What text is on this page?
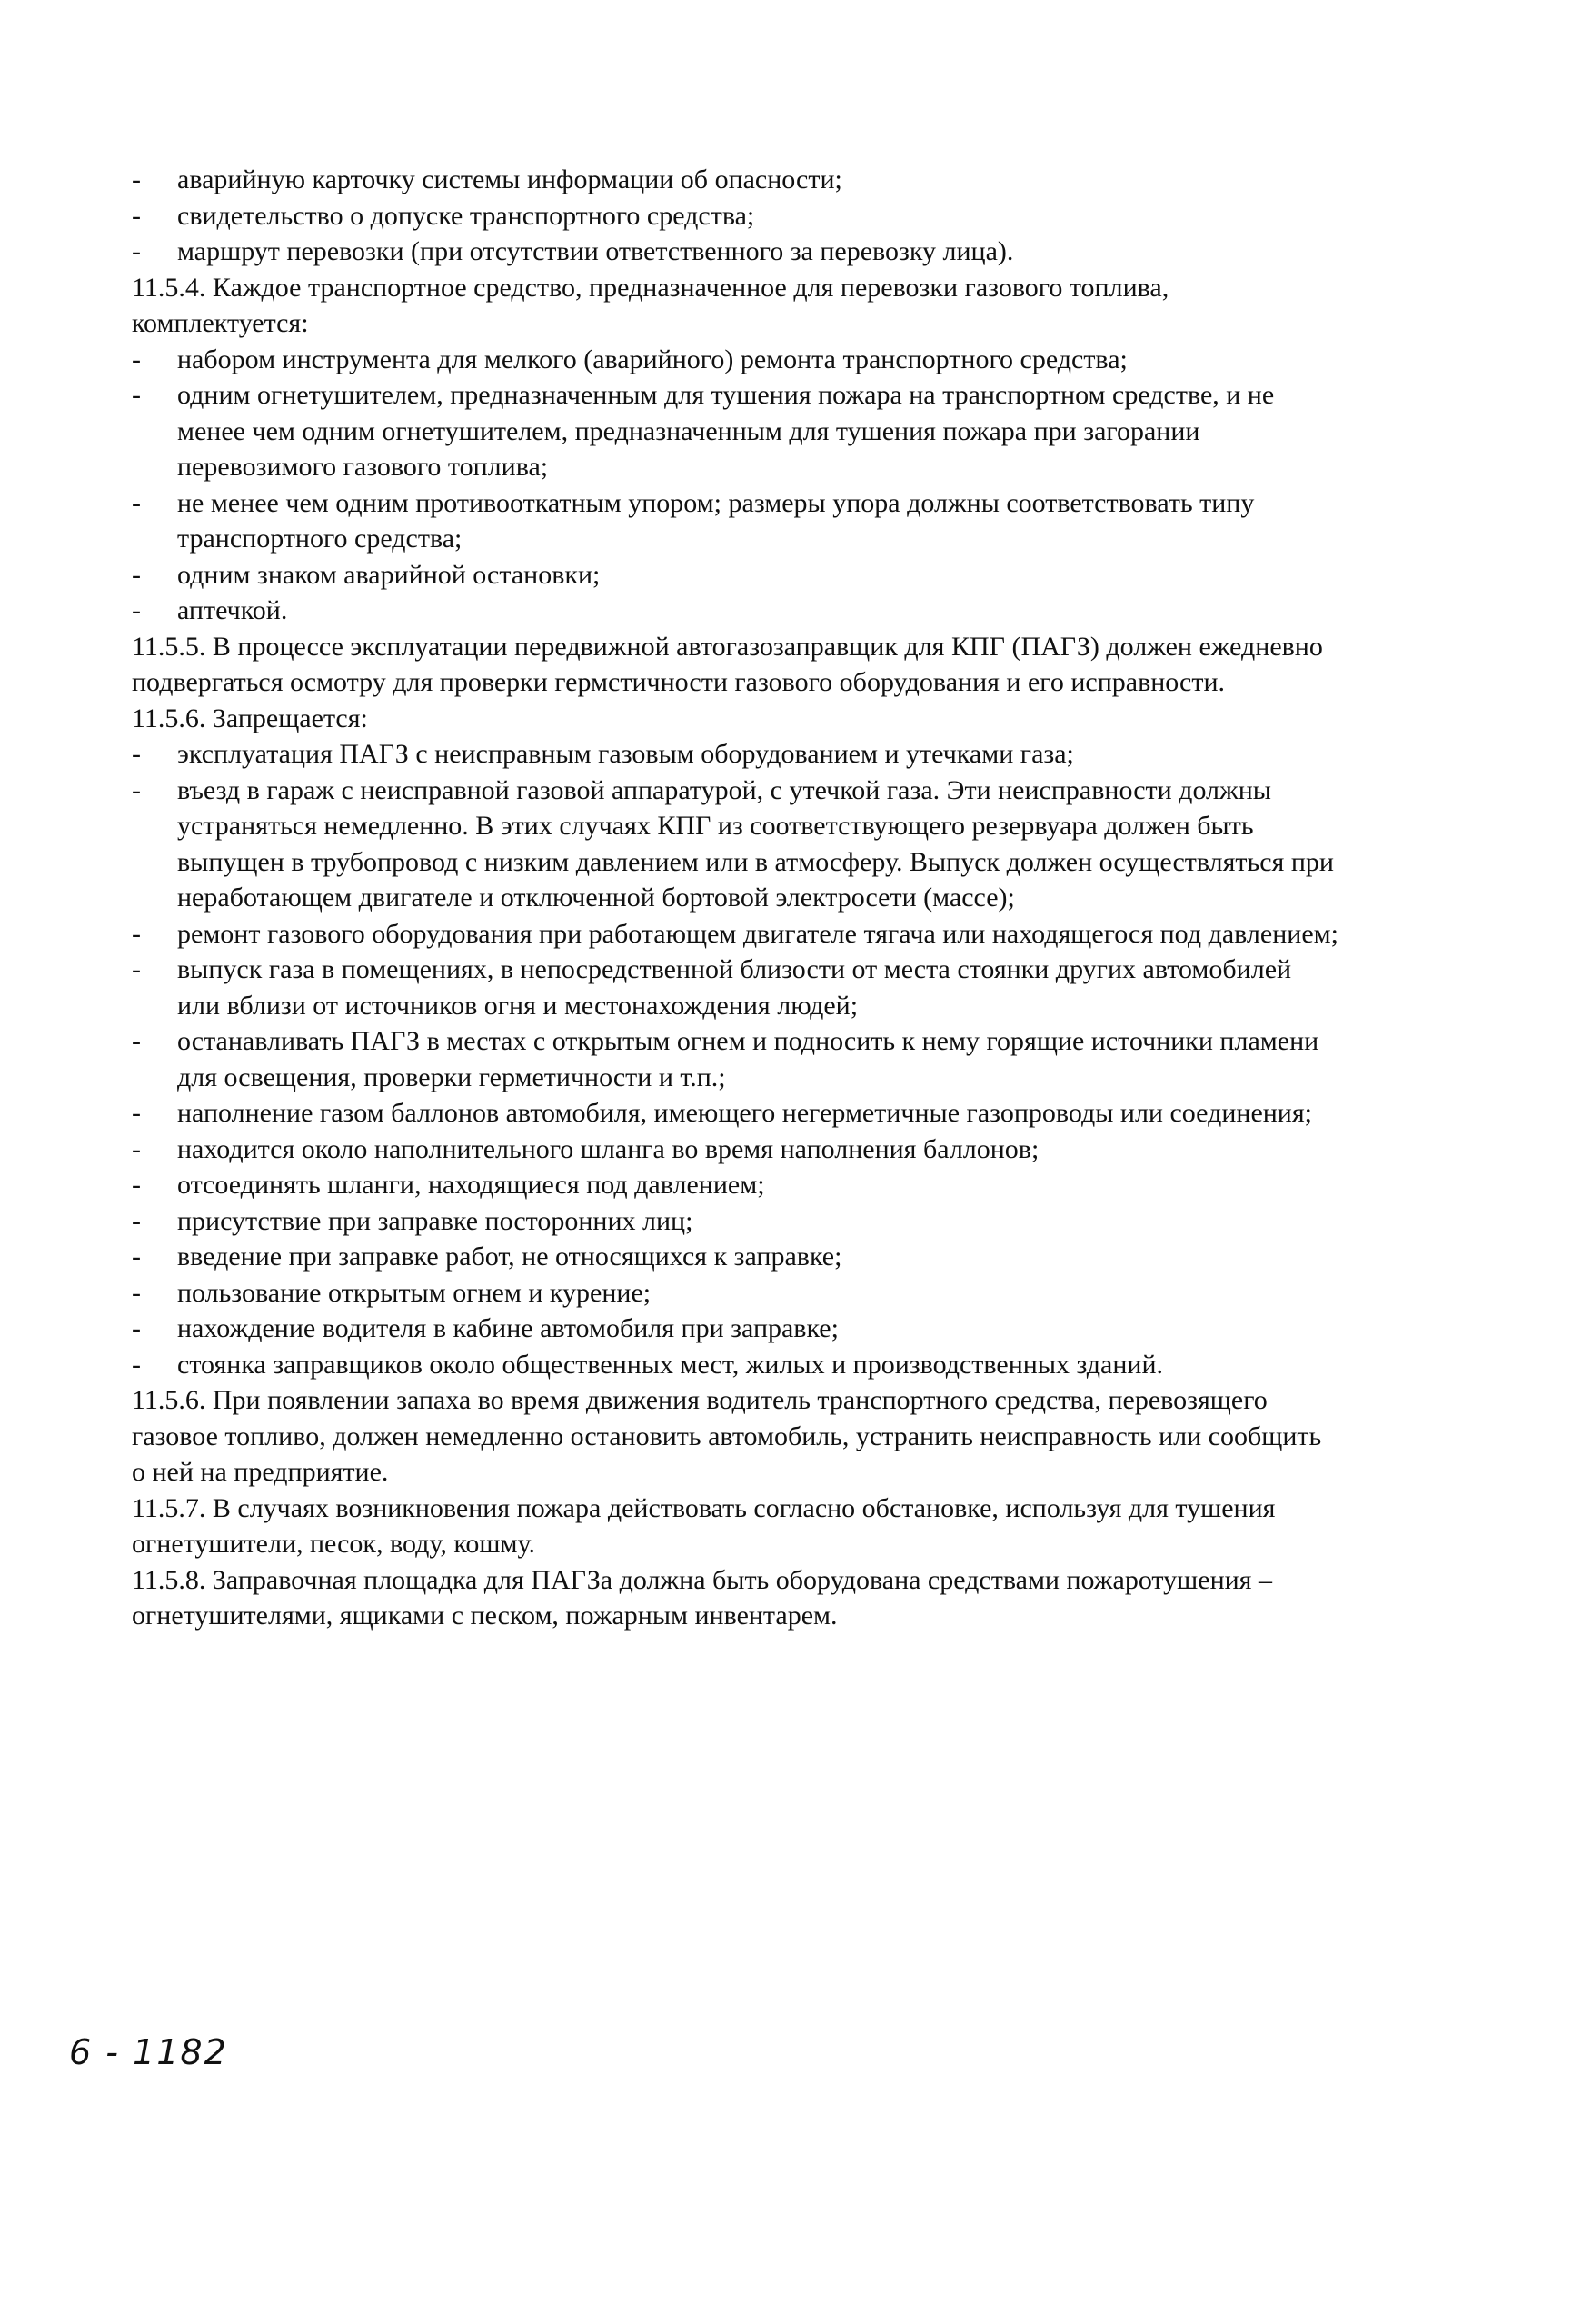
-	аварийную карточку системы информации об опасности;
-	свидетельство о допуске транспортного средства;
-	маршрут перевозки (при отсутствии ответственного за перевозку лица).
11.5.4. Каждое транспортное средство, предназначенное для перевозки газового топлива, комплектуется:
-	набором инструмента для мелкого (аварийного) ремонта транспортного средства;
-	одним огнетушителем, предназначенным для тушения пожара на транспортном средстве, и не менее чем одним огнетушителем, предназначенным для тушения пожара при загорании перевозимого газового топлива;
-	не менее чем одним противооткатным упором; размеры упора должны соответствовать типу транспортного средства;
-	одним знаком аварийной остановки;
-	аптечкой.
11.5.5. В процессе эксплуатации передвижной автогазозаправщик для КПГ (ПАГЗ) должен ежедневно подвергаться осмотру для проверки гермстичности газового оборудования и его исправности.
11.5.6. Запрещается:
-	эксплуатация ПАГЗ с неисправным газовым оборудованием и утечками газа;
-	въезд в гараж с неисправной газовой аппаратурой, с утечкой газа. Эти неисправности должны устраняться немедленно. В этих случаях КПГ из соответствующего резервуара должен быть выпущен в трубопровод с низким давлением или в атмосферу. Выпуск должен осуществляться при неработающем двигателе и отключенной бортовой электросети (массе);
-	ремонт газового оборудования при работающем двигателе тягача или находящегося под давлением;
-	выпуск газа в помещениях, в непосредственной близости от места стоянки других автомобилей или вблизи от источников огня и местонахождения людей;
-	останавливать ПАГЗ в местах с открытым огнем и подносить к нему горящие источники пламени для освещения, проверки герметичности и т.п.;
-	наполнение газом баллонов автомобиля, имеющего негерметичные газопроводы или соединения;
-	находится около наполнительного шланга во время наполнения баллонов;
-	отсоединять шланги, находящиеся под давлением;
-	присутствие при заправке посторонних лиц;
-	введение при заправке работ, не относящихся к заправке;
-	пользование открытым огнем и курение;
-	нахождение водителя в кабине автомобиля при заправке;
-	стоянка заправщиков около общественных мест, жилых и производственных зданий.
11.5.6. При появлении запаха во время движения водитель транспортного средства, перевозящего газовое топливо, должен немедленно остановить автомобиль, устранить неисправность или сообщить о ней на предприятие.
11.5.7. В случаях возникновения пожара действовать согласно обстановке, используя для тушения огнетушители, песок, воду, кошму.
11.5.8. Заправочная площадка для ПАГЗа должна быть оборудована средствами пожаротушения – огнетушителями, ящиками с песком, пожарным инвентарем.
6 - 1182
